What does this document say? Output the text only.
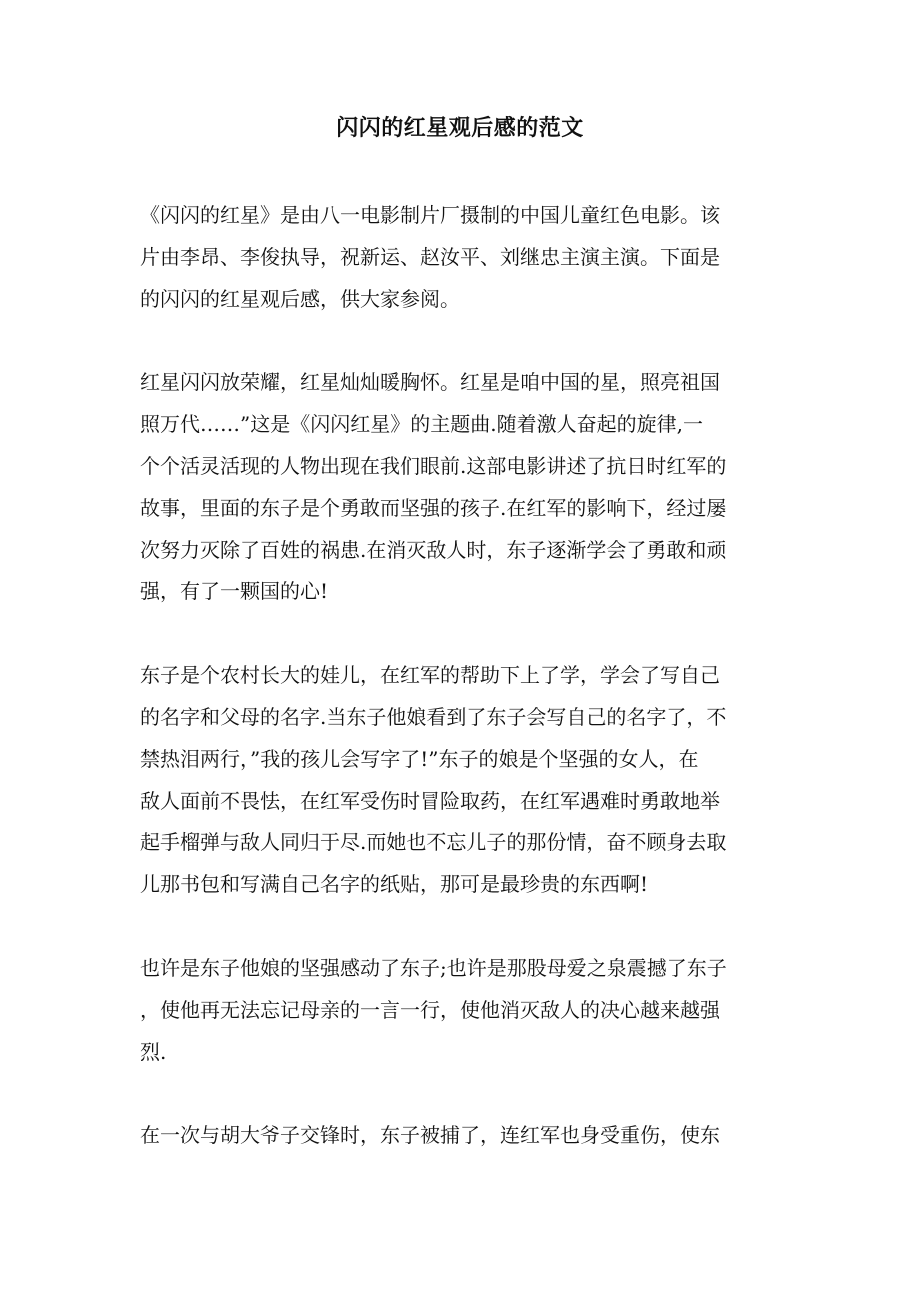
闪闪的红星观后感的范文

《闪闪的红星》是由八一电影制片厂摄制的中国儿童红色电影。该
片由李昂、李俊执导，祝新运、赵汝平、刘继忠主演主演。下面是
的闪闪的红星观后感，供大家参阅。

红星闪闪放荣耀，红星灿灿暖胸怀。红星是咱中国的星，照亮祖国
照万代……”这是《闪闪红星》的主题曲.随着激人奋起的旋律,一
个个活灵活现的人物出现在我们眼前.这部电影讲述了抗日时红军的
故事，里面的东子是个勇敢而坚强的孩子.在红军的影响下，经过屡
次努力灭除了百姓的祸患.在消灭敌人时，东子逐渐学会了勇敢和顽
强，有了一颗国的心!

东子是个农村长大的娃儿，在红军的帮助下上了学，学会了写自己
的名字和父母的名字.当东子他娘看到了东子会写自己的名字了，不
禁热泪两行，”我的孩儿会写字了!”东子的娘是个坚强的女人，在
敌人面前不畏怯，在红军受伤时冒险取药，在红军遇难时勇敢地举
起手榴弹与敌人同归于尽.而她也不忘儿子的那份情，奋不顾身去取
儿那书包和写满自己名字的纸贴，那可是最珍贵的东西啊!

也许是东子他娘的坚强感动了东子;也许是那股母爱之泉震撼了东子
，使他再无法忘记母亲的一言一行，使他消灭敌人的决心越来越强
烈.

在一次与胡大爷子交锋时，东子被捕了，连红军也身受重伤，使东
